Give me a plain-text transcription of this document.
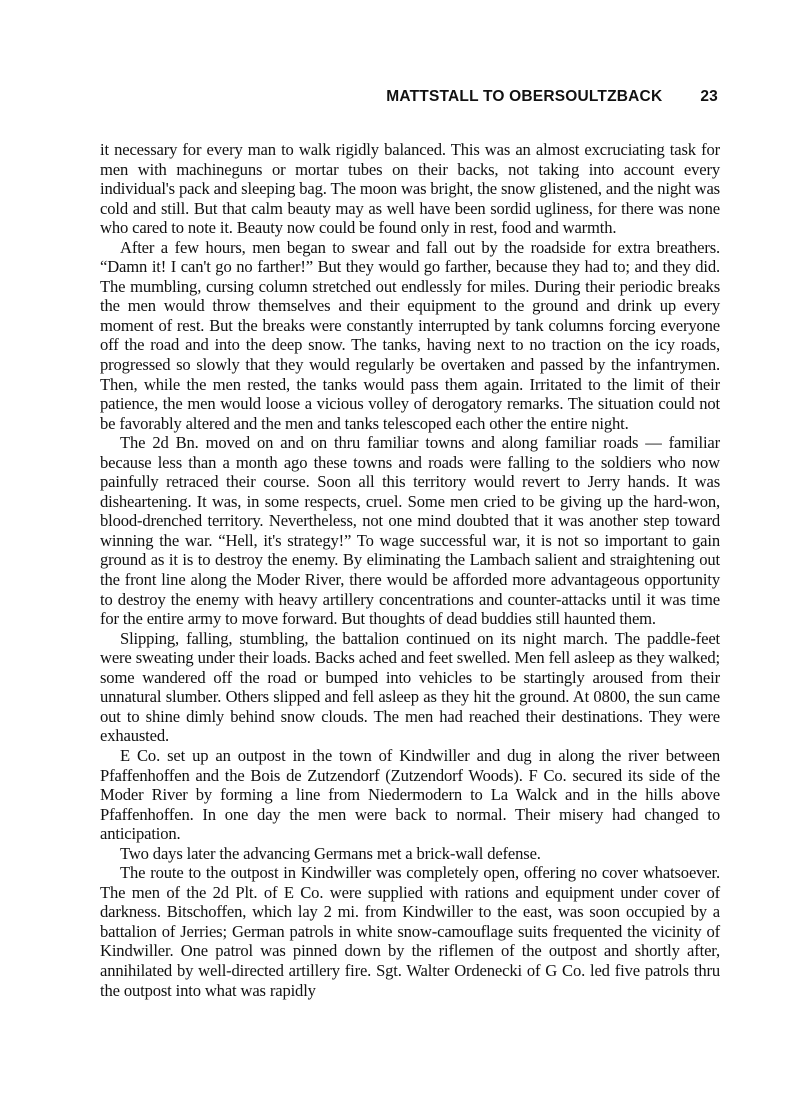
MATTSTALL TO OBERSOULTZBACK 23

it necessary for every man to walk rigidly balanced. This was an almost excruciating task for men with machineguns or mortar tubes on their backs, not taking into account every individual's pack and sleeping bag. The moon was bright, the snow glistened, and the night was cold and still. But that calm beauty may as well have been sordid ugliness, for there was none who cared to note it. Beauty now could be found only in rest, food and warmth.

After a few hours, men began to swear and fall out by the roadside for extra breathers. “Damn it! I can't go no farther!” But they would go farther, because they had to; and they did. The mumbling, cursing column stretched out endlessly for miles. During their periodic breaks the men would throw themselves and their equipment to the ground and drink up every moment of rest. But the breaks were constantly interrupted by tank columns forcing everyone off the road and into the deep snow. The tanks, having next to no traction on the icy roads, progressed so slowly that they would regularly be overtaken and passed by the infantrymen. Then, while the men rested, the tanks would pass them again. Irritated to the limit of their patience, the men would loose a vicious volley of derogatory remarks. The situation could not be favorably altered and the men and tanks telescoped each other the entire night.

The 2d Bn. moved on and on thru familiar towns and along familiar roads — familiar because less than a month ago these towns and roads were falling to the soldiers who now painfully retraced their course. Soon all this territory would revert to Jerry hands. It was disheartening. It was, in some respects, cruel. Some men cried to be giving up the hard-won, blood-drenched territory. Nevertheless, not one mind doubted that it was another step toward winning the war. “Hell, it's strategy!” To wage successful war, it is not so important to gain ground as it is to destroy the enemy. By eliminating the Lambach salient and straightening out the front line along the Moder River, there would be afforded more advantageous opportunity to destroy the enemy with heavy artillery concentrations and counter-attacks until it was time for the entire army to move forward. But thoughts of dead buddies still haunted them.

Slipping, falling, stumbling, the battalion continued on its night march. The paddle-feet were sweating under their loads. Backs ached and feet swelled. Men fell asleep as they walked; some wandered off the road or bumped into vehicles to be startingly aroused from their unnatural slumber. Others slipped and fell asleep as they hit the ground. At 0800, the sun came out to shine dimly behind snow clouds. The men had reached their destinations. They were exhausted.

E Co. set up an outpost in the town of Kindwiller and dug in along the river between Pfaffenhoffen and the Bois de Zutzendorf (Zutzendorf Woods). F Co. secured its side of the Moder River by forming a line from Niedermodern to La Walck and in the hills above Pfaffenhoffen. In one day the men were back to normal. Their misery had changed to anticipation.

Two days later the advancing Germans met a brick-wall defense.

The route to the outpost in Kindwiller was completely open, offering no cover whatsoever. The men of the 2d Plt. of E Co. were supplied with rations and equipment under cover of darkness. Bitschoffen, which lay 2 mi. from Kindwiller to the east, was soon occupied by a battalion of Jerries; German patrols in white snow-camouflage suits frequented the vicinity of Kindwiller. One patrol was pinned down by the riflemen of the outpost and shortly after, annihilated by well-directed artillery fire. Sgt. Walter Ordenecki of G Co. led five patrols thru the outpost into what was rapidly
